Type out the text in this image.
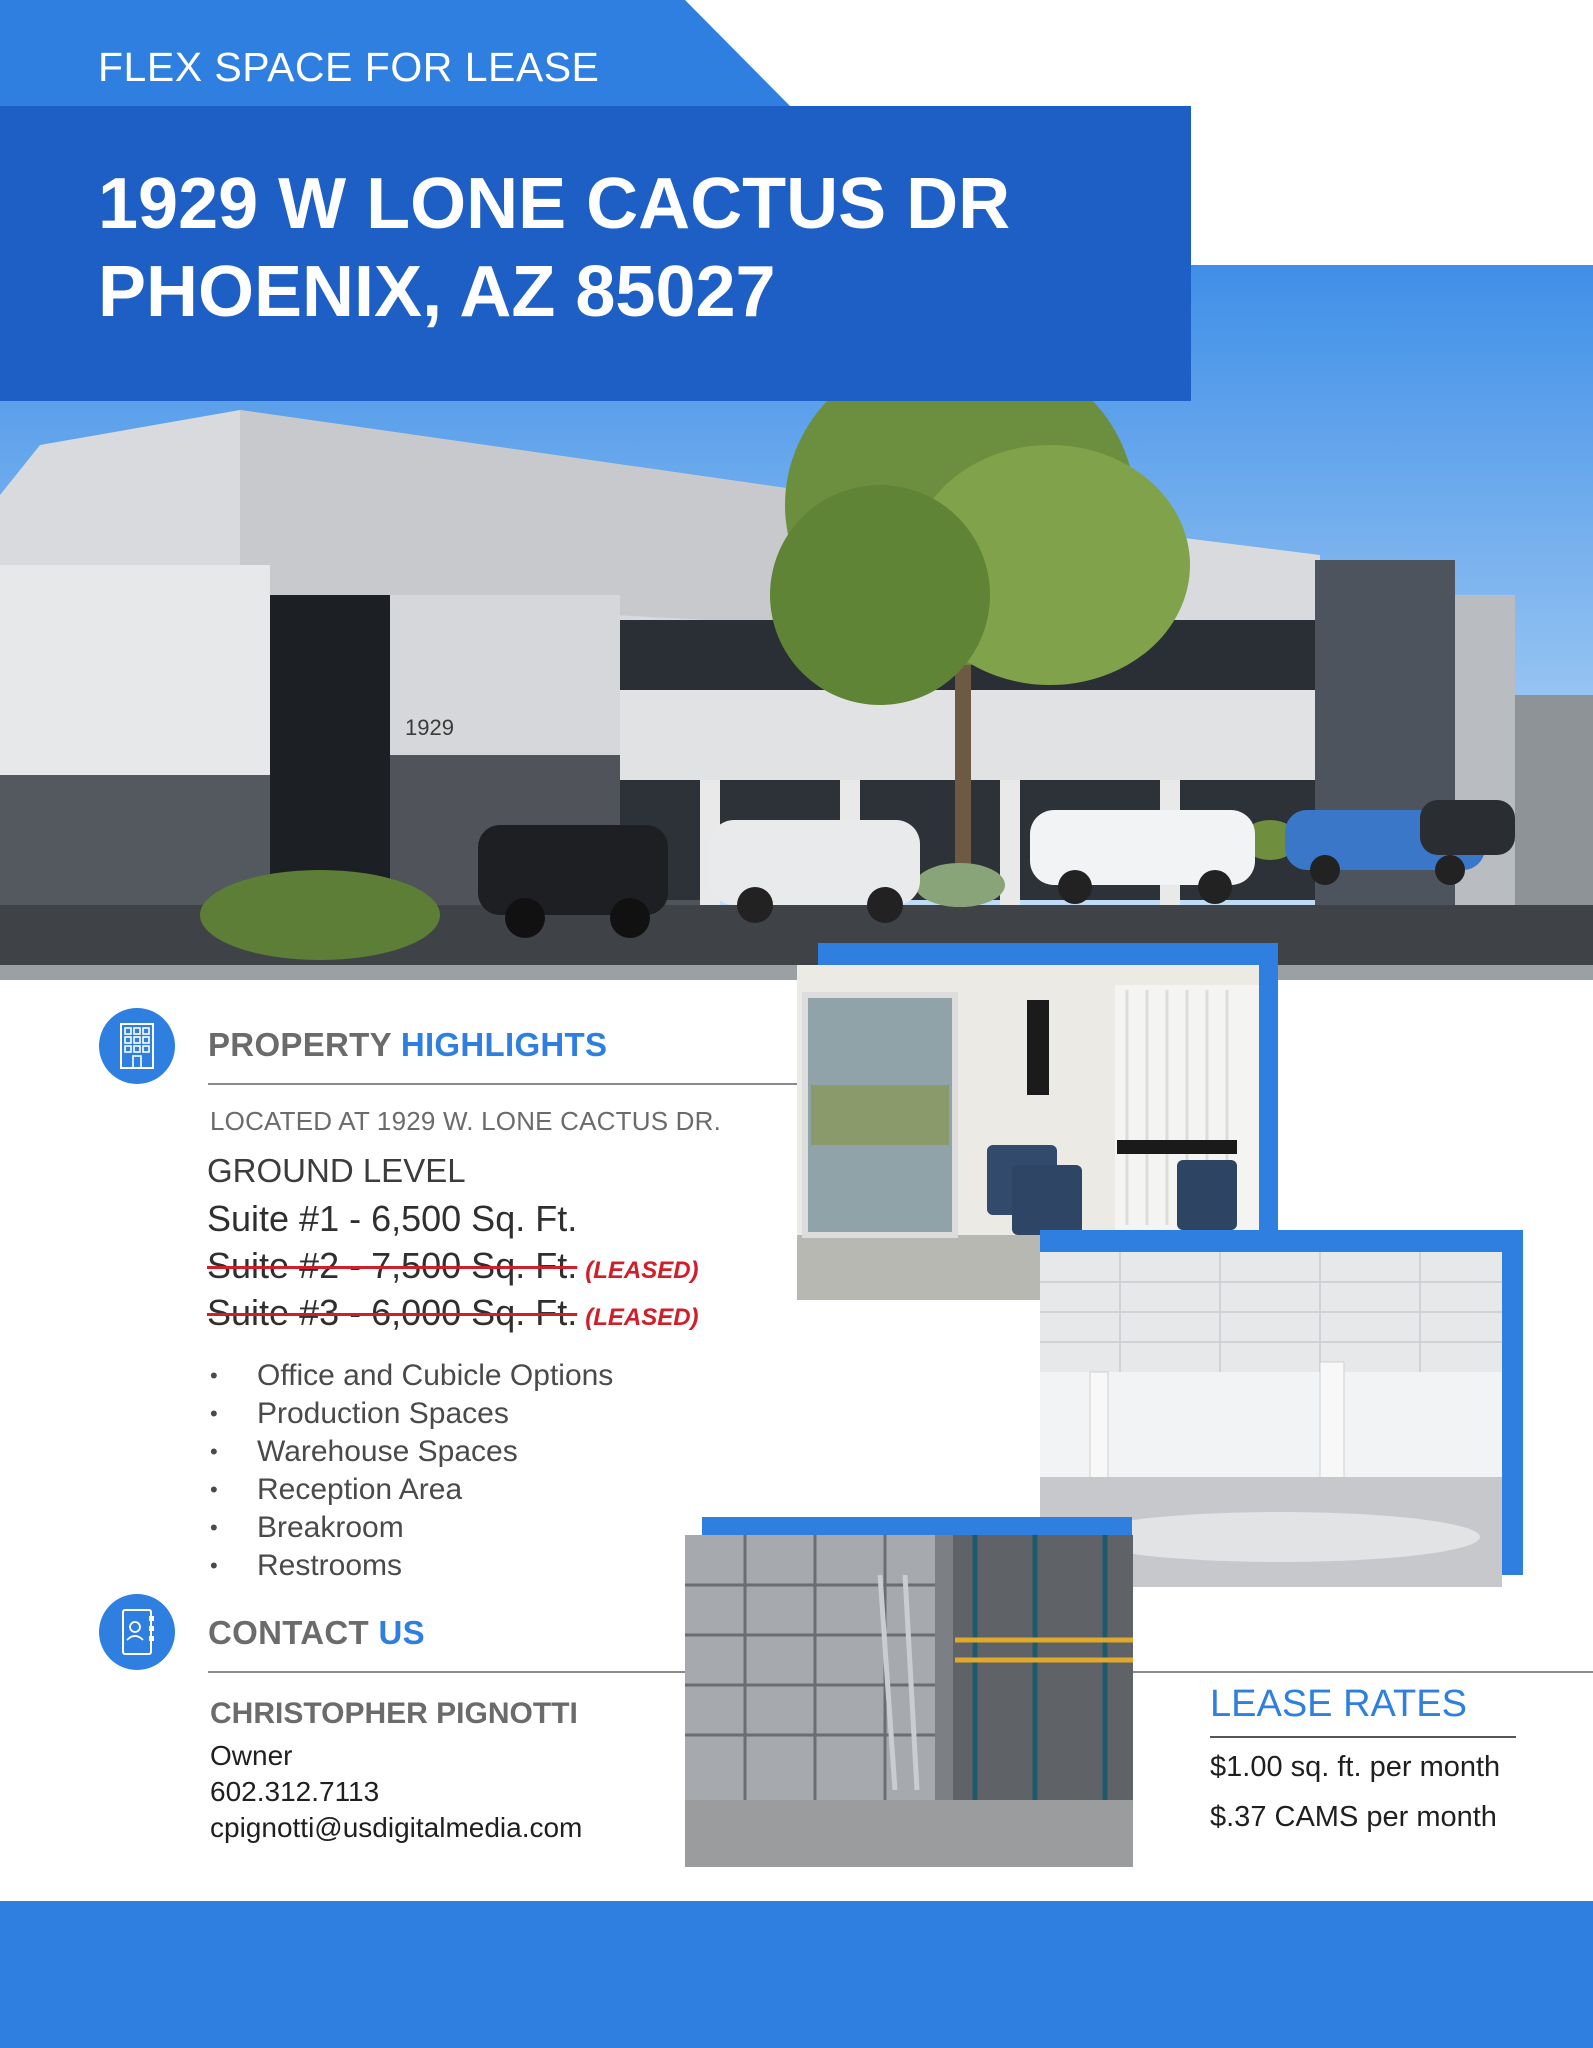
1929
FLEX SPACE FOR LEASE
1929 W LONE CACTUS DR
PHOENIX, AZ 85027
PROPERTY HIGHLIGHTS
LOCATED AT 1929 W. LONE CACTUS DR.
GROUND LEVEL
Suite #1 - 6,500 Sq. Ft.
Suite #2 - 7,500 Sq. Ft. (LEASED)
Suite #3 - 6,000 Sq. Ft. (LEASED)
• Office and Cubicle Options
• Production Spaces
• Warehouse Spaces
• Reception Area
• Breakroom
• Restrooms
CONTACT US
CHRISTOPHER PIGNOTTI
Owner
602.312.7113
cpignotti@usdigitalmedia.com
LEASE RATES
$1.00 sq. ft. per month
$.37 CAMS per month
